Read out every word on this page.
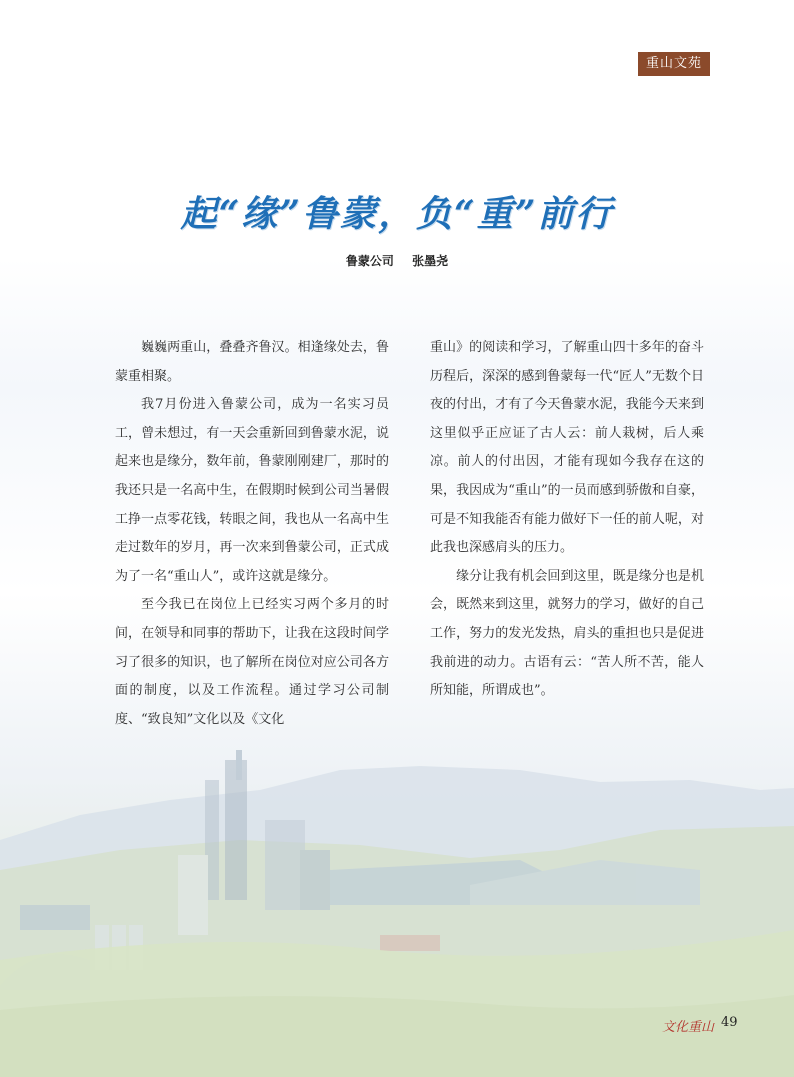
重山文苑
起“缘”鲁蒙，负“重”前行
鲁蒙公司 张墨尧

巍巍两重山，叠叠齐鲁汉。相逢缘处去，鲁蒙重相聚。

我7月份进入鲁蒙公司，成为一名实习员工，曾未想过，有一天会重新回到鲁蒙水泥，说起来也是缘分，数年前，鲁蒙刚刚建厂，那时的我还只是一名高中生，在假期时候到公司当暑假工挣一点零花钱，转眼之间，我也从一名高中生走过数年的岁月，再一次来到鲁蒙公司，正式成为了一名“重山人”，或许这就是缘分。

至今我已在岗位上已经实习两个多月的时间，在领导和同事的帮助下，让我在这段时间学习了很多的知识，也了解所在岗位对应公司各方面的制度，以及工作流程。通过学习公司制度、“致良知”文化以及《文化

重山》的阅读和学习，了解重山四十多年的奋斗历程后，深深的感到鲁蒙每一代“匠人”无数个日夜的付出，才有了今天鲁蒙水泥，我能今天来到这里似乎正应证了古人云：前人栽树，后人乘凉。前人的付出因，才能有现如今我存在这的果，我因成为“重山”的一员而感到骄傲和自豪，可是不知我能否有能力做好下一任的前人呢，对此我也深感肩头的压力。

缘分让我有机会回到这里，既是缘分也是机会，既然来到这里，就努力的学习，做好的自己工作，努力的发光发热，肩头的重担也只是促进我前进的动力。古语有云：“苦人所不苦，能人所知能，所谓成也”。

文化重山 49
